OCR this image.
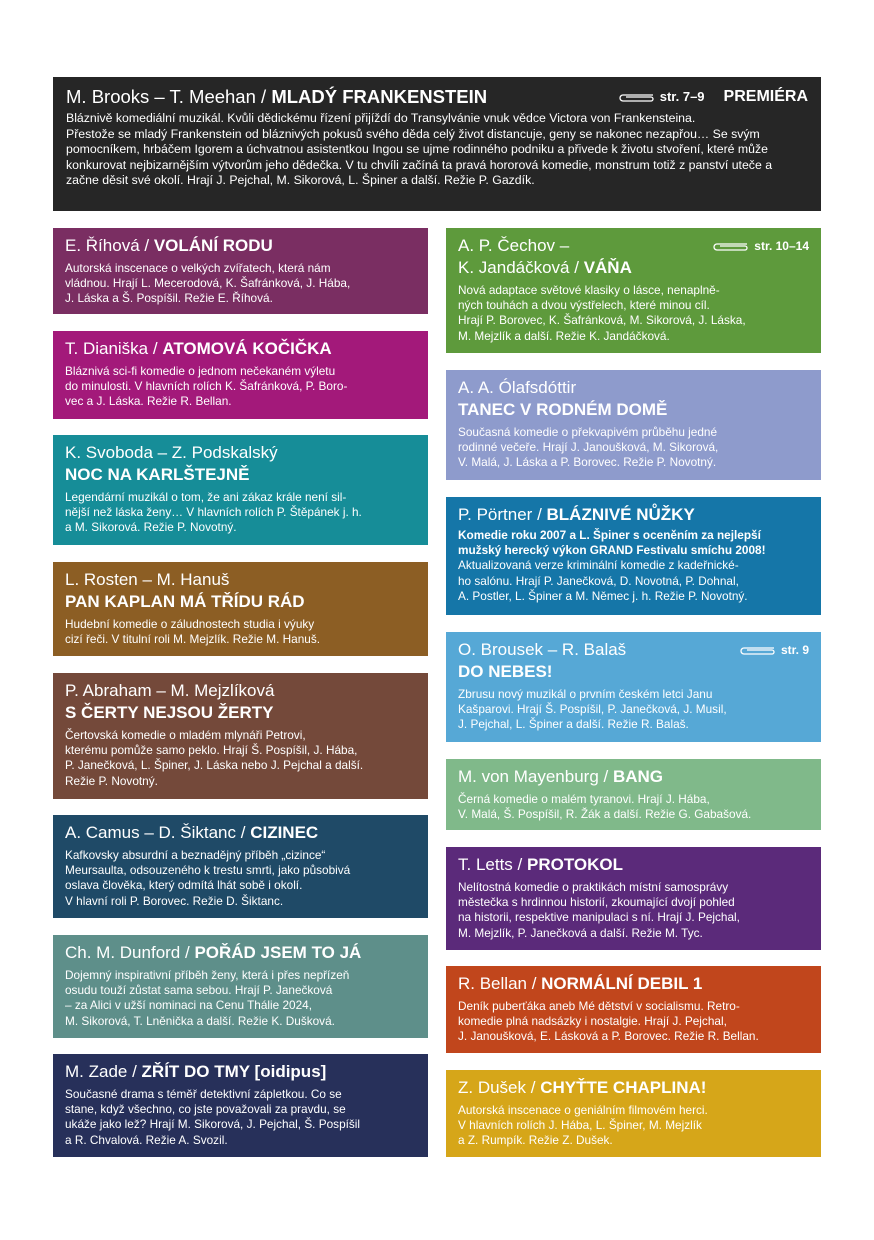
M. Brooks – T. Meehan / MLADÝ FRANKENSTEIN	str. 7–9 PREMIÉRA
Bláznivě komediální muzikál. Kvůli dědickému řízení přijíždí do Transylvánie vnuk vědce Victora von Frankensteina.
Přestože se mladý Frankenstein od bláznivých pokusů svého děda celý život distancuje, geny se nakonec nezapřou… Se svým pomocníkem, hrbáčem Igorem a úchvatnou asistentkou Ingou se ujme rodinného podniku a přivede k životu stvoření, které může konkurovat nejbizarnějším výtvorům jeho dědečka. V tu chvíli začíná ta pravá hororová komedie, monstrum totiž z panství uteče a začne děsit své okolí. Hrají J. Pejchal, M. Sikorová, L. Špiner a další. Režie P. Gazdík.
E. Říhová / VOLÁNÍ RODU
Autorská inscenace o velkých zvířatech, která nám
vládnou. Hrají L. Mecerodová, K. Šafránková, J. Hába,
J. Láska a Š. Pospíšil. Režie E. Říhová.
T. Dianiška / ATOMOVÁ KOČIČKA
Bláznivá sci-fi komedie o jednom nečekaném výletu
do minulosti. V hlavních rolích K. Šafránková, P. Boro-
vec a J. Láska. Režie R. Bellan.
K. Svoboda – Z. Podskalský
NOC NA KARLŠTEJNĚ
Legendární muzikál o tom, že ani zákaz krále není sil-
nější než láska ženy… V hlavních rolích P. Štěpánek j. h.
a M. Sikorová. Režie P. Novotný.
L. Rosten – M. Hanuš
PAN KAPLAN MÁ TŘÍDU RÁD
Hudební komedie o záludnostech studia i výuky
cizí řeči. V titulní roli M. Mejzlík. Režie M. Hanuš.
P. Abraham – M. Mejzlíková
S ČERTY NEJSOU ŽERTY
Čertovská komedie o mladém mlynáři Petrovi,
kterému pomůže samo peklo. Hrají Š. Pospíšil, J. Hába,
P. Janečková, L. Špiner, J. Láska nebo J. Pejchal a další.
Režie P. Novotný.
A. Camus – D. Šiktanc / CIZINEC
Kafkovsky absurdní a beznadějný příběh „cizince“
Meursaulta, odsouzeného k trestu smrti, jako působivá
oslava člověka, který odmítá lhát sobě i okolí.
V hlavní roli P. Borovec. Režie D. Šiktanc.
Ch. M. Dunford / POŘÁD JSEM TO JÁ
Dojemný inspirativní příběh ženy, která i přes nepřízeň
osudu touží zůstat sama sebou. Hrají P. Janečková
– za Alici v užší nominaci na Cenu Thálie 2024,
M. Sikorová, T. Lněnička a další. Režie K. Dušková.
M. Zade / ZŘÍT DO TMY [oidipus]
Současné drama s téměř detektivní zápletkou. Co se
stane, když všechno, co jste považovali za pravdu, se
ukáže jako lež? Hrají M. Sikorová, J. Pejchal, Š. Pospíšil
a R. Chvalová. Režie A. Svozil.
A. P. Čechov –	str. 10–14
K. Jandáčková / VÁŇA
Nová adaptace světové klasiky o lásce, nenaplně-
ných touhách a dvou výstřelech, které minou cíl.
Hrají P. Borovec, K. Šafránková, M. Sikorová, J. Láska,
M. Mejzlík a další. Režie K. Jandáčková.
A. A. Ólafsdóttir
TANEC V RODNÉM DOMĚ
Současná komedie o překvapivém průběhu jedné
rodinné večeře. Hrají J. Janoušková, M. Sikorová,
V. Malá, J. Láska a P. Borovec. Režie P. Novotný.
P. Pörtner / BLÁZNIVÉ NŮŽKY
Komedie roku 2007 a L. Špiner s oceněním za nejlepší
mužský herecký výkon GRAND Festivalu smíchu 2008!
Aktualizovaná verze kriminální komedie z kadeřnické-
ho salónu. Hrají P. Janečková, D. Novotná, P. Dohnal,
A. Postler, L. Špiner a M. Němec j. h. Režie P. Novotný.
O. Brousek – R. Balaš	str. 9
DO NEBES!
Zbrusu nový muzikál o prvním českém letci Janu
Kašparovi. Hrají Š. Pospíšil, P. Janečková, J. Musil,
J. Pejchal, L. Špiner a další. Režie R. Balaš.
M. von Mayenburg / BANG
Černá komedie o malém tyranovi. Hrají J. Hába,
V. Malá, Š. Pospíšil, R. Žák a další. Režie G. Gabašová.
T. Letts / PROTOKOL
Nelítostná komedie o praktikách místní samosprávy
městečka s hrdinnou historií, zkoumající dvojí pohled
na historii, respektive manipulaci s ní. Hrají J. Pejchal,
M. Mejzlík, P. Janečková a další. Režie M. Tyc.
R. Bellan / NORMÁLNÍ DEBIL 1
Deník puberťáka aneb Mé dětství v socialismu. Retro-
komedie plná nadsázky i nostalgie. Hrají J. Pejchal,
J. Janoušková, E. Lásková a P. Borovec. Režie R. Bellan.
Z. Dušek / CHYŤTE CHAPLINA!
Autorská inscenace o geniálním filmovém herci.
V hlavních rolích J. Hába, L. Špiner, M. Mejzlík
a Z. Rumpík. Režie Z. Dušek.
